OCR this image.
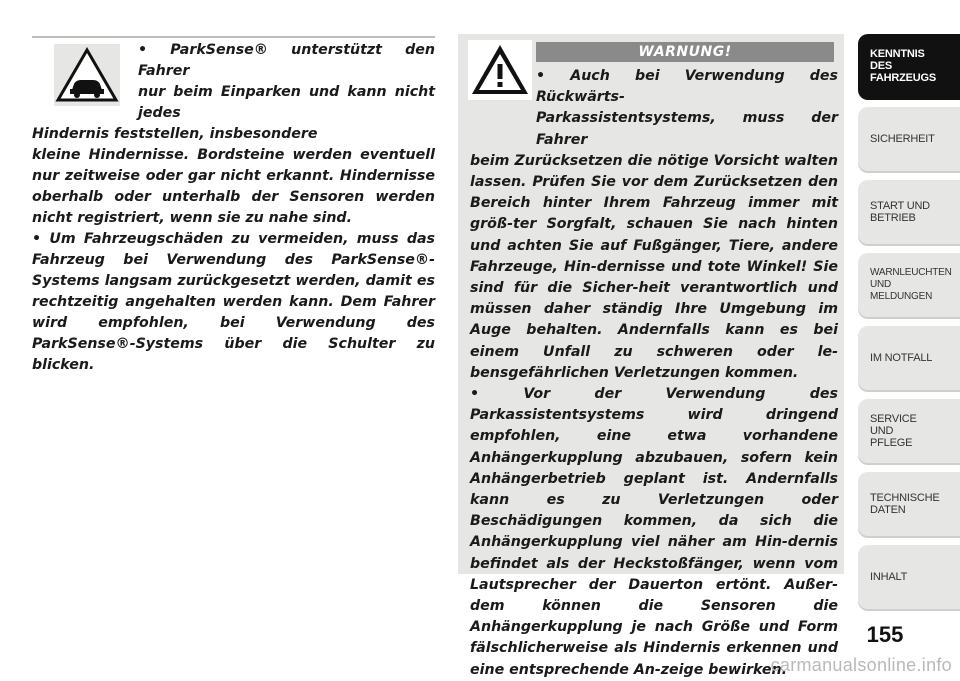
• ParkSense® unterstützt den Fahrer

nur beim Einparken und kann nicht jedes

Hindernis feststellen, insbesondere

kleine Hindernisse. Bordsteine werden eventuell nur zeitweise oder gar nicht erkannt. Hindernisse oberhalb oder unterhalb der Sensoren werden nicht registriert, wenn sie zu nahe sind.

• Um Fahrzeugschäden zu vermeiden, muss das Fahrzeug bei Verwendung des ParkSense®-Systems langsam zurückgesetzt werden, damit es rechtzeitig angehalten werden kann. Dem Fahrer wird empfohlen, bei Verwendung des ParkSense®-Systems über die Schulter zu blicken.

WARNUNG!

• Auch bei Verwendung des Rückwärts-

Parkassistentsystems, muss der Fahrer

beim Zurücksetzen die nötige Vorsicht walten lassen. Prüfen Sie vor dem Zurücksetzen den Bereich hinter Ihrem Fahrzeug immer mit größ-ter Sorgfalt, schauen Sie nach hinten und achten Sie auf Fußgänger, Tiere, andere Fahrzeuge, Hin-dernisse und tote Winkel! Sie sind für die Sicher-heit verantwortlich und müssen daher ständig Ihre Umgebung im Auge behalten. Andernfalls kann es bei einem Unfall zu schweren oder le-bensgefährlichen Verletzungen kommen.

• Vor der Verwendung des Parkassistentsystems wird dringend empfohlen, eine etwa vorhandene Anhängerkupplung abzubauen, sofern kein Anhängerbetrieb geplant ist. Andernfalls kann es zu Verletzungen oder Beschädigungen kommen, da sich die Anhängerkupplung viel näher am Hin-dernis befindet als der Heckstoßfänger, wenn vom Lautsprecher der Dauerton ertönt. Außer-dem können die Sensoren die Anhängerkupplung je nach Größe und Form fälschlicherweise als Hindernis erkennen und eine entsprechende An-zeige bewirken.

KENNTNIS
DES
FAHRZEUGS
SICHERHEIT
START UND
BETRIEB
WARNLEUCHTEN
UND
MELDUNGEN
IM NOTFALL
SERVICE
UND
PFLEGE
TECHNISCHE
DATEN
INHALT
155
carmanualsonline.info
